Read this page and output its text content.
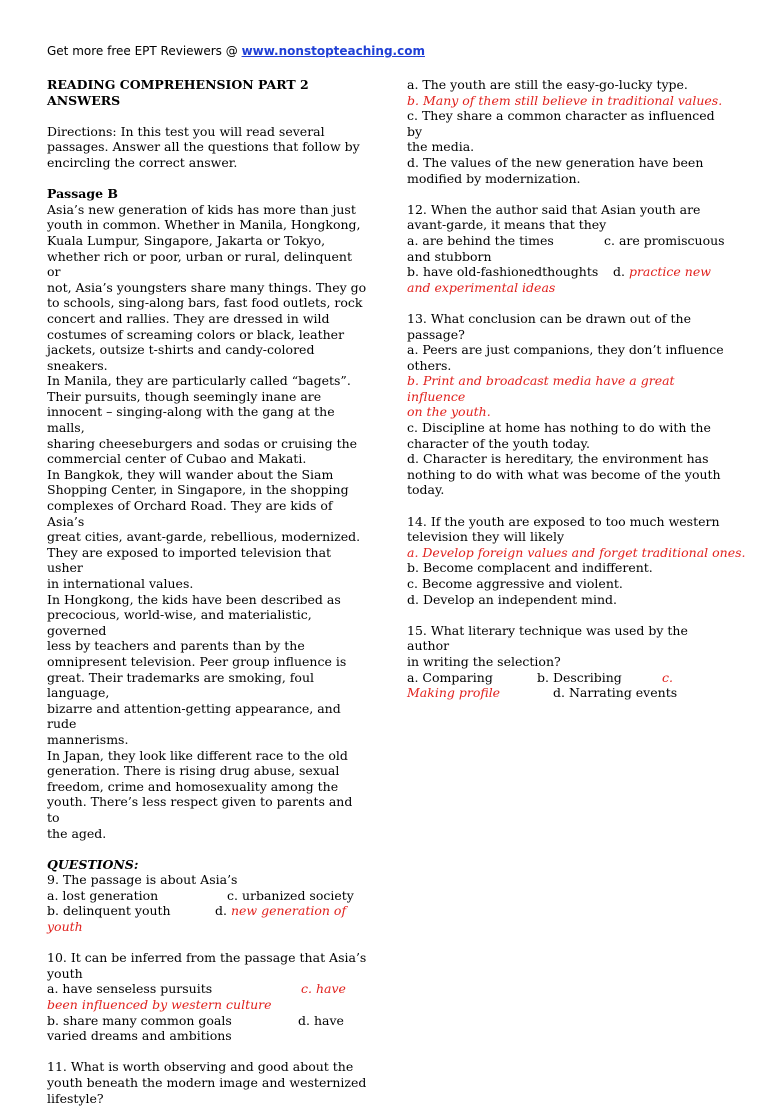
Get more free EPT Reviewers @ www.nonstopteaching.com

READING COMPREHENSION PART 2 ANSWERS

Directions: In this test you will read several

passages. Answer all the questions that follow by

encircling the correct answer.

Passage B

Asia’s new generation of kids has more than just

youth in common. Whether in Manila, Hongkong,

Kuala Lumpur, Singapore, Jakarta or Tokyo,

whether rich or poor, urban or rural, delinquent or

not, Asia’s youngsters share many things. They go

to schools, sing-along bars, fast food outlets, rock

concert and rallies. They are dressed in wild

costumes of screaming colors or black, leather

jackets, outsize t-shirts and candy-colored

sneakers.

In Manila, they are particularly called “bagets”.

Their pursuits, though seemingly inane are

innocent – singing-along with the gang at the malls,

sharing cheeseburgers and sodas or cruising the

commercial center of Cubao and Makati.

In Bangkok, they will wander about the Siam

Shopping Center, in Singapore, in the shopping

complexes of Orchard Road. They are kids of Asia’s

great cities, avant-garde, rebellious, modernized.

They are exposed to imported television that usher

in international values.

In Hongkong, the kids have been described as

precocious, world-wise, and materialistic, governed

less by teachers and parents than by the

omnipresent television. Peer group influence is

great. Their trademarks are smoking, foul language,

bizarre and attention-getting appearance, and rude

mannerisms.

In Japan, they look like different race to the old

generation. There is rising drug abuse, sexual

freedom, crime and homosexuality among the

youth. There’s less respect given to parents and to

the aged.

QUESTIONS:

9. The passage is about Asia’s

a. lost generation	c. urbanized society
b. delinquent youth	d. new generation of

youth

10. It can be inferred from the passage that Asia’s

youth

a. have senseless pursuits	c. have

been influenced by western culture

b. share many common goals	d. have

varied dreams and ambitions

11. What is worth observing and good about the

youth beneath the modern image and westernized

lifestyle?

a. The youth are still the easy-go-lucky type.

b. Many of them still believe in traditional values.

c. They share a common character as influenced by

the media.

d. The values of the new generation have been

modified by modernization.

12. When the author said that Asian youth are

avant-garde, it means that they

a. are behind the times	c. are promiscuous

and stubborn

b. have old-fashionedthoughts	d. practice new

and experimental ideas

13. What conclusion can be drawn out of the

passage?

a. Peers are just companions, they don’t influence

others.

b. Print and broadcast media have a great influence

on the youth.

c. Discipline at home has nothing to do with the

character of the youth today.

d. Character is hereditary, the environment has

nothing to do with what was become of the youth

today.

14. If the youth are exposed to too much western

television they will likely

a. Develop foreign values and forget traditional ones.

b. Become complacent and indifferent.

c. Become aggressive and violent.

d. Develop an independent mind.

15. What literary technique was used by the author

in writing the selection?

a. Comparing	b. Describing	c.
Making profile	d. Narrating events
